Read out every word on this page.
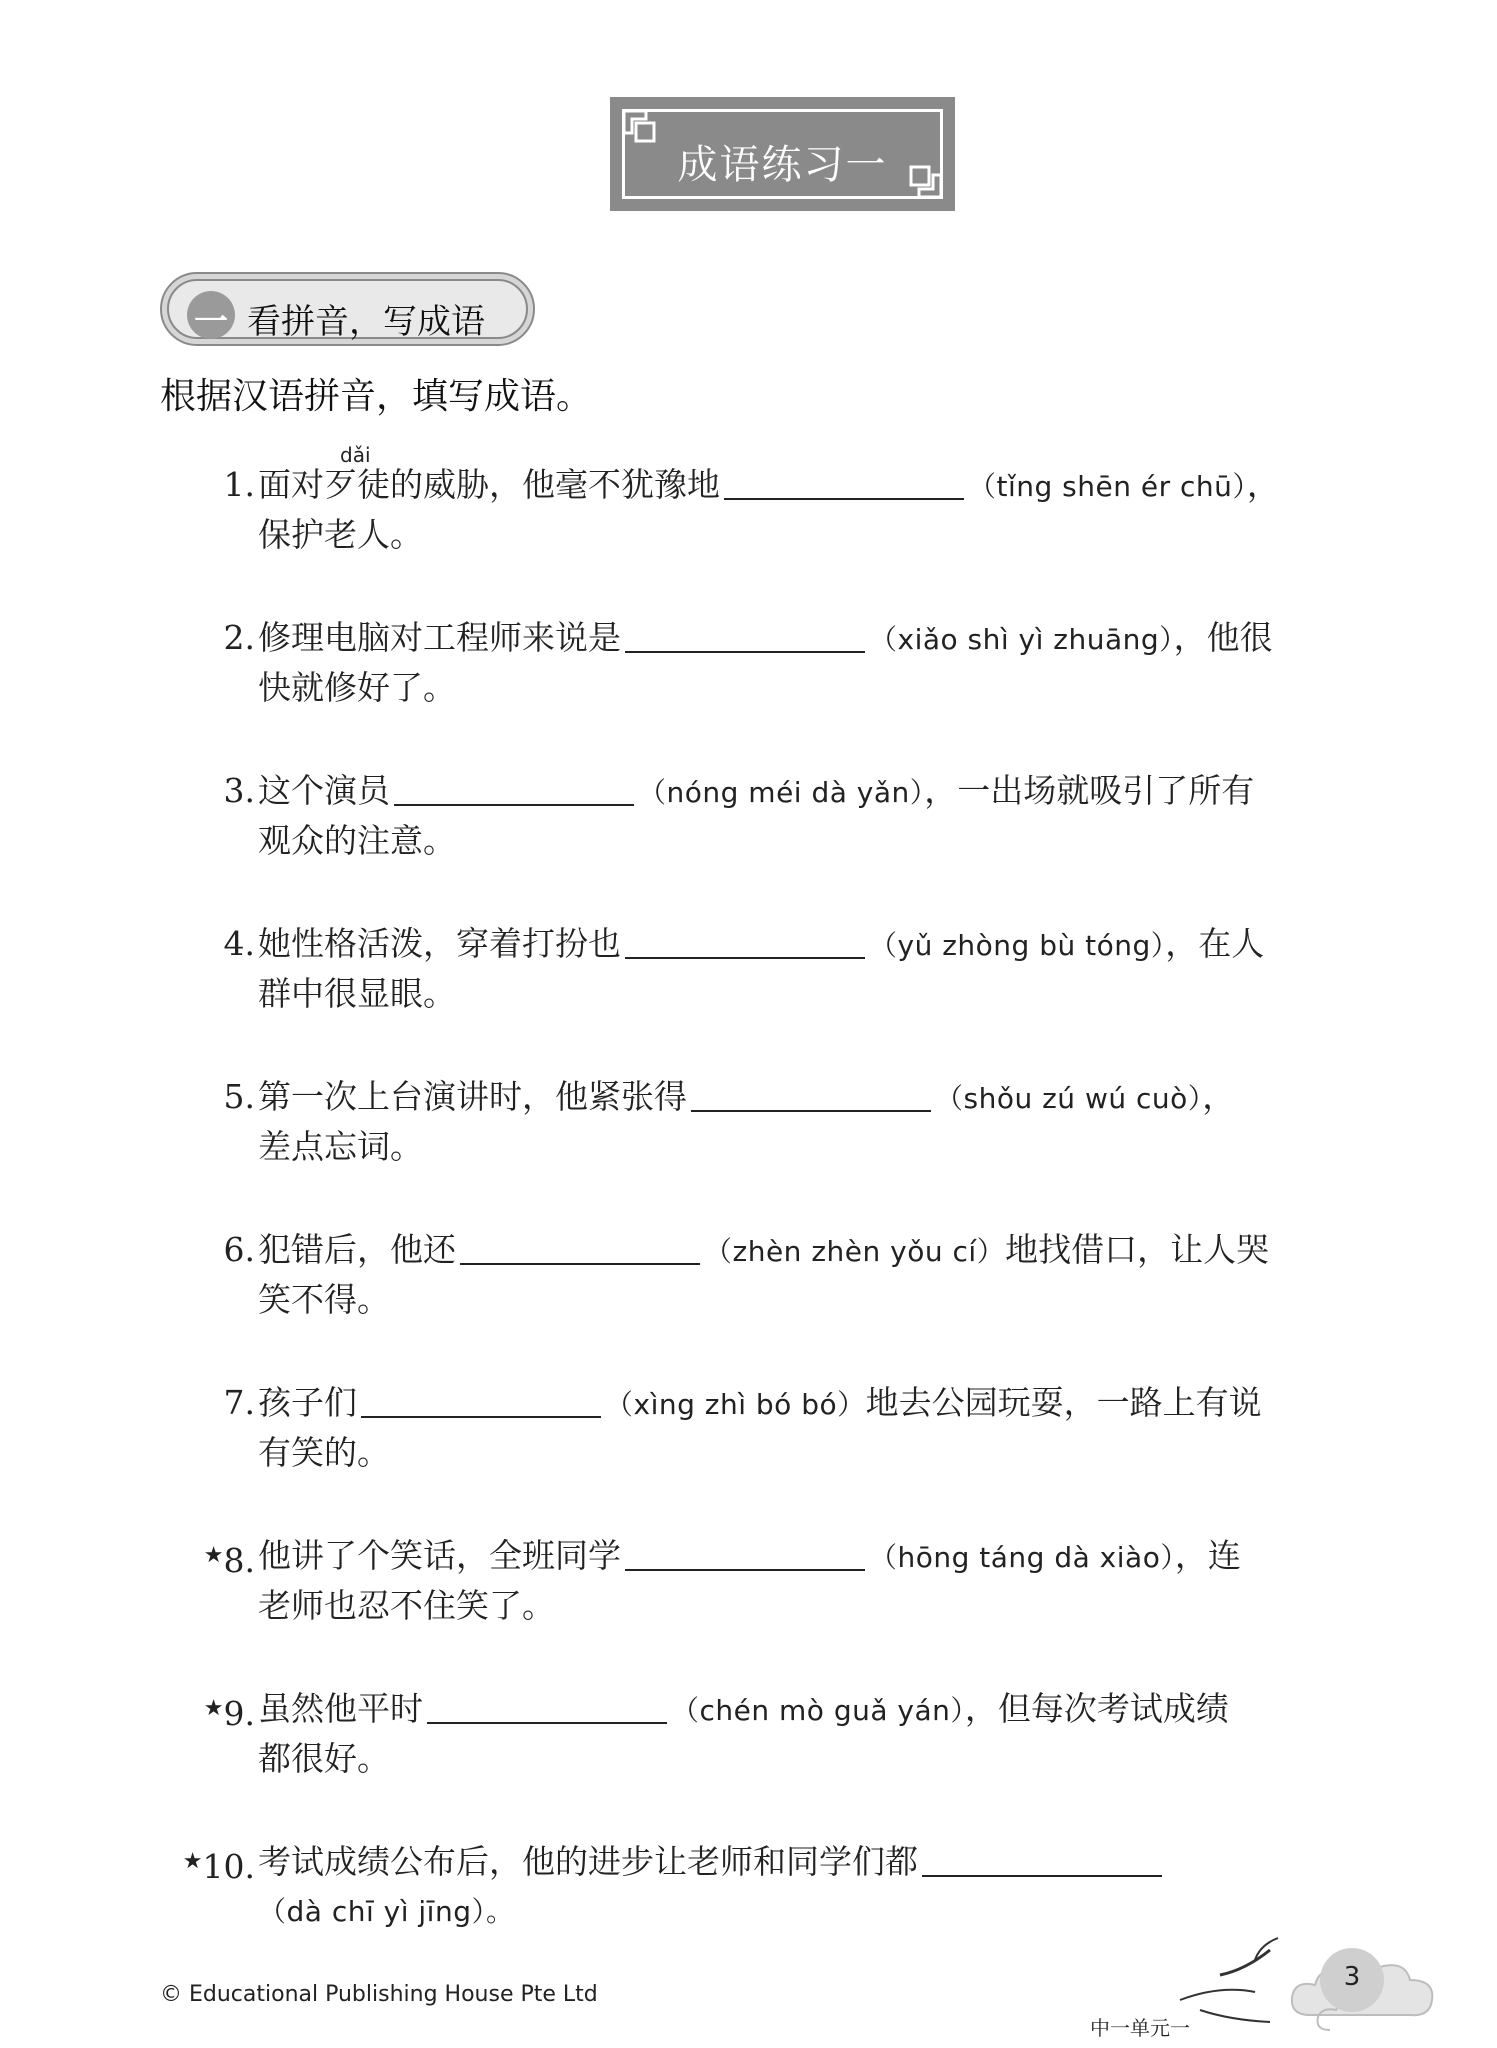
成语练习一
一 看拼音，写成语
根据汉语拼音，填写成语。
1. 面对歹徒的威胁，他毫不犹豫地
dǎi
（tǐng shēn ér chū），
保护老人。
2. 修理电脑对工程师来说是	（xiǎo shì yì zhuāng），他很
快就修好了。
3. 这个演员	（nóng méi dà yǎn），一出场就吸引了所有
观众的注意。
4. 她性格活泼，穿着打扮也	（yǔ zhòng bù tóng），在人
群中很显眼。
5. 第一次上台演讲时，他紧张得	（shǒu zú wú cuò），
差点忘词。
6. 犯错后，他还	（zhèn zhèn yǒu cí）地找借口，让人哭
笑不得。
7. 孩子们	（xìng zhì bó bó）地去公园玩耍，一路上有说
有笑的。
★8. 他讲了个笑话，全班同学	（hōng táng dà xiào），连
老师也忍不住笑了。
★9. 虽然他平时	（chén mò guǎ yán），但每次考试成绩
都很好。
★10. 考试成绩公布后，他的进步让老师和同学们都
（dà chī yì jīng）。
© Educational Publishing House Pte Ltd
3
中一单元一
